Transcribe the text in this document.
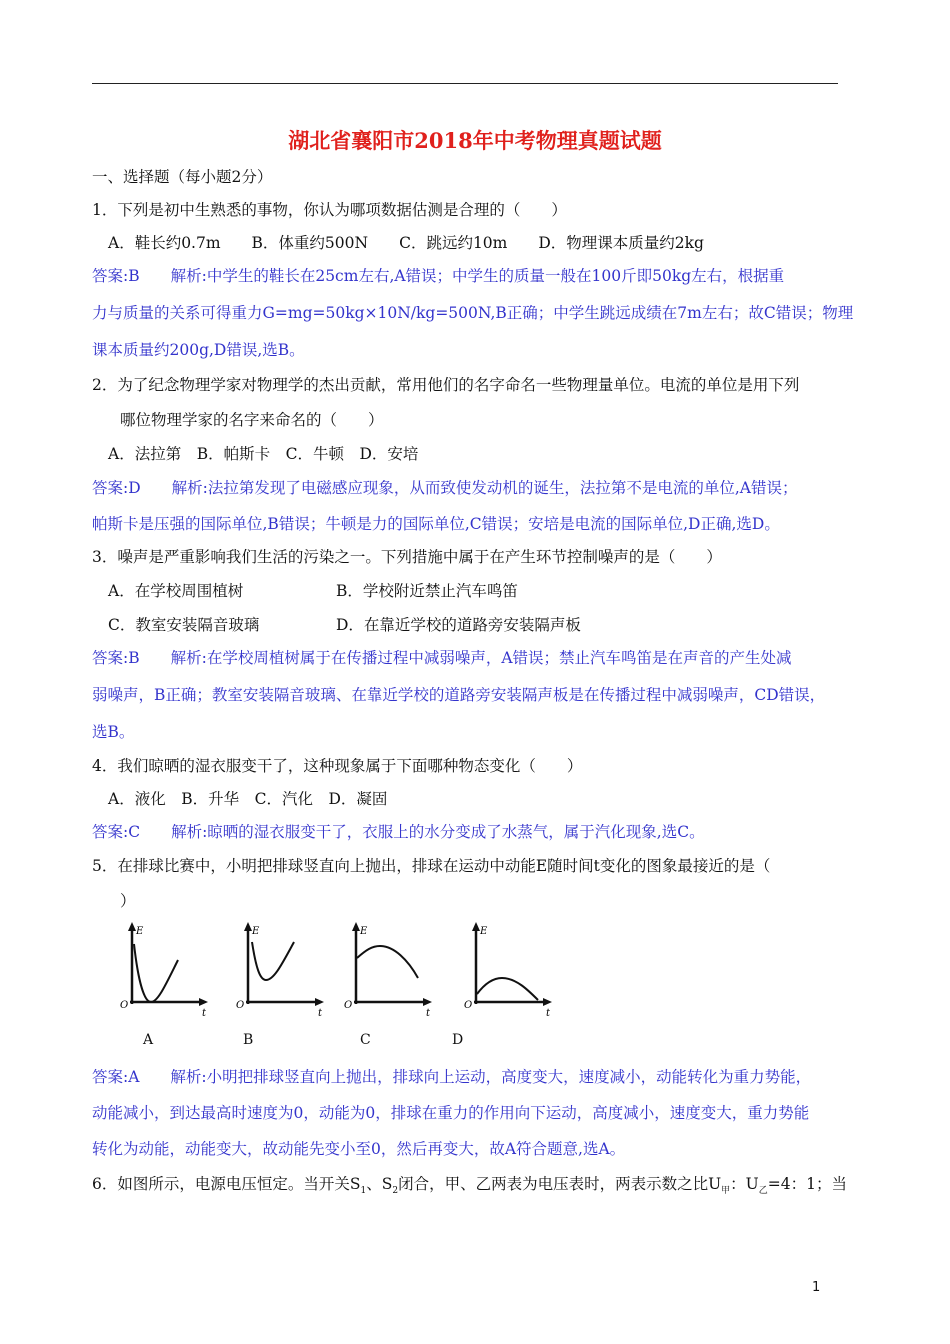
湖北省襄阳市2018年中考物理真题试题
一、选择题（每小题2分）
1．下列是初中生熟悉的事物，你认为哪项数据估测是合理的（　　）
A．鞋长约0.7m　　B．体重约500N　　C．跳远约10m　　D．物理课本质量约2kg
答案:B　　解析:中学生的鞋长在25cm左右,A错误；中学生的质量一般在100斤即50kg左右，根据重
力与质量的关系可得重力G=mg=50kg×10N/kg=500N,B正确；中学生跳远成绩在7m左右；故C错误；物理
课本质量约200g,D错误,选B。
2．为了纪念物理学家对物理学的杰出贡献，常用他们的名字命名一些物理量单位。电流的单位是用下列
哪位物理学家的名字来命名的（　　）
A．法拉第　B．帕斯卡　C．牛顿　D．安培
答案:D　　解析:法拉第发现了电磁感应现象，从而致使发动机的诞生，法拉第不是电流的单位,A错误；
帕斯卡是压强的国际单位,B错误；牛顿是力的国际单位,C错误；安培是电流的国际单位,D正确,选D。
3．噪声是严重影响我们生活的污染之一。下列措施中属于在产生环节控制噪声的是（　　）
A．在学校周围植树	B．学校附近禁止汽车鸣笛
C．教室安装隔音玻璃	D．在靠近学校的道路旁安装隔声板
答案:B　　解析:在学校周植树属于在传播过程中减弱噪声，A错误；禁止汽车鸣笛是在声音的产生处减
弱噪声，B正确；教室安装隔音玻璃、在靠近学校的道路旁安装隔声板是在传播过程中减弱噪声，CD错误，
选B。
4．我们晾晒的湿衣服变干了，这种现象属于下面哪种物态变化（　　）
A．液化　B．升华　C．汽化　D．凝固
答案:C　　解析:晾晒的湿衣服变干了，衣服上的水分变成了水蒸气，属于汽化现象,选C。
5．在排球比赛中，小明把排球竖直向上抛出，排球在运动中动能E随时间t变化的图象最接近的是（
）
E
O
t
E
O
t
E
O
t
E
O
t
A	B	C	D
答案:A　　解析:小明把排球竖直向上抛出，排球向上运动，高度变大，速度减小，动能转化为重力势能，
动能减小，到达最高时速度为0，动能为0，排球在重力的作用向下运动，高度减小，速度变大，重力势能
转化为动能，动能变大，故动能先变小至0，然后再变大，故A符合题意,选A。
6．如图所示，电源电压恒定。当开关$S_1$、$S_2$闭合，甲、乙两表为电压表时，两表示数之比$U_甲$：$U_乙=4$：1；当
1
